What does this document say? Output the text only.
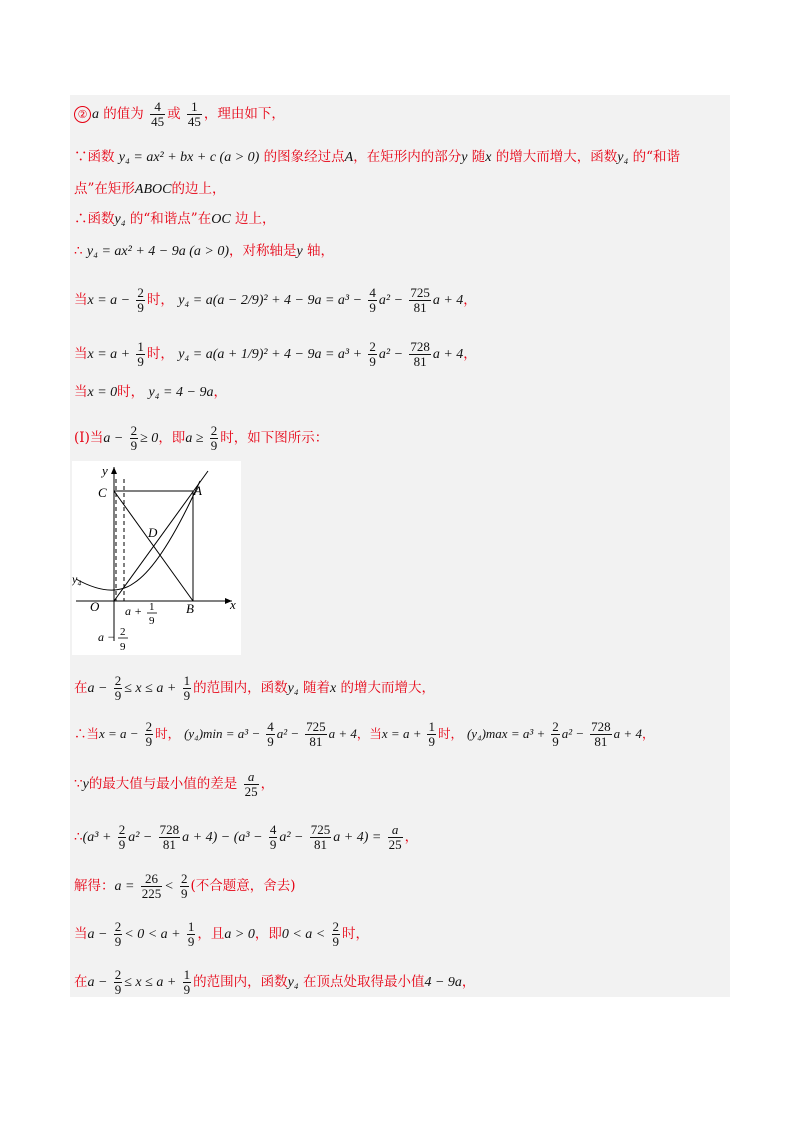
② a 的值为 $\frac{4}{45}$ 或 $\frac{1}{45}$ ，理由如下，
∵函数 y₄ = ax² + bx + c (a > 0) 的图象经过点A，在矩形内的部分y 随x 的增大而增大，函数y₄ 的“和谐
点”在矩形ABOC的边上，
∴函数y₄ 的“和谐点”在OC 边上，
∴ y₄ = ax² + 4 − 9a (a > 0)，对称轴是y 轴，
当$x = a - \frac{2}{9}$ 时， $y_4 = a(a - 2/9)^2 + 4 - 9a = a^3 - \frac{4}{9} a^2 - \frac{725}{81}$ a + 4，
当$x = a + \frac{1}{9}$ 时， $y_4 = a(a + 1/9)^2 + 4 - 9a = a^3 + \frac{2}{9} a^2 - \frac{728}{81}$ a + 4，
当x = 0时， y₄ = 4 − 9a，
(Ⅰ)当$a - \frac{2}{9} \ge 0$，即$a \ge \frac{2}{9}$ 时，如下图所示：
y
x
C	A
D
y₄
O	B
a + 1
9
a − 2
9
在$a - \frac{2}{9} \le x \le a + \frac{1}{9}$ 的范围内，函数y₄ 随着x 的增大而增大，
∴当$x = a - \frac{2}{9}$ 时， $(y_4)\min = a^3 - \frac{4}{9} a^2 - \frac{725}{81}$ a + 4，当$x = a + \frac{1}{9}$ 时， $(y_4)\max = a^3 + \frac{2}{9} a^2 - \frac{728}{81}$ a + 4，
∵y的最大值与最小值的差是 $\frac{a}{25}$ ，
∴(a³ + $\frac{2}{9} a^2 - \frac{728}{81}$ $a + 4) - (a^3 - \frac{4}{9} a^2 - \frac{725}{81}$ $a + 4) = \frac{a}{25}$ ，
解得：$a = \frac{26}{225} < \frac{2}{9}$ (不合题意，舍去)
当$a - \frac{2}{9} < 0 < a + \frac{1}{9}$ ，且a > 0，即$0 < a < \frac{2}{9}$ 时，
在$a - \frac{2}{9} \le x \le a + \frac{1}{9}$ 的范围内，函数y₄ 在顶点处取得最小值4 − 9a，
